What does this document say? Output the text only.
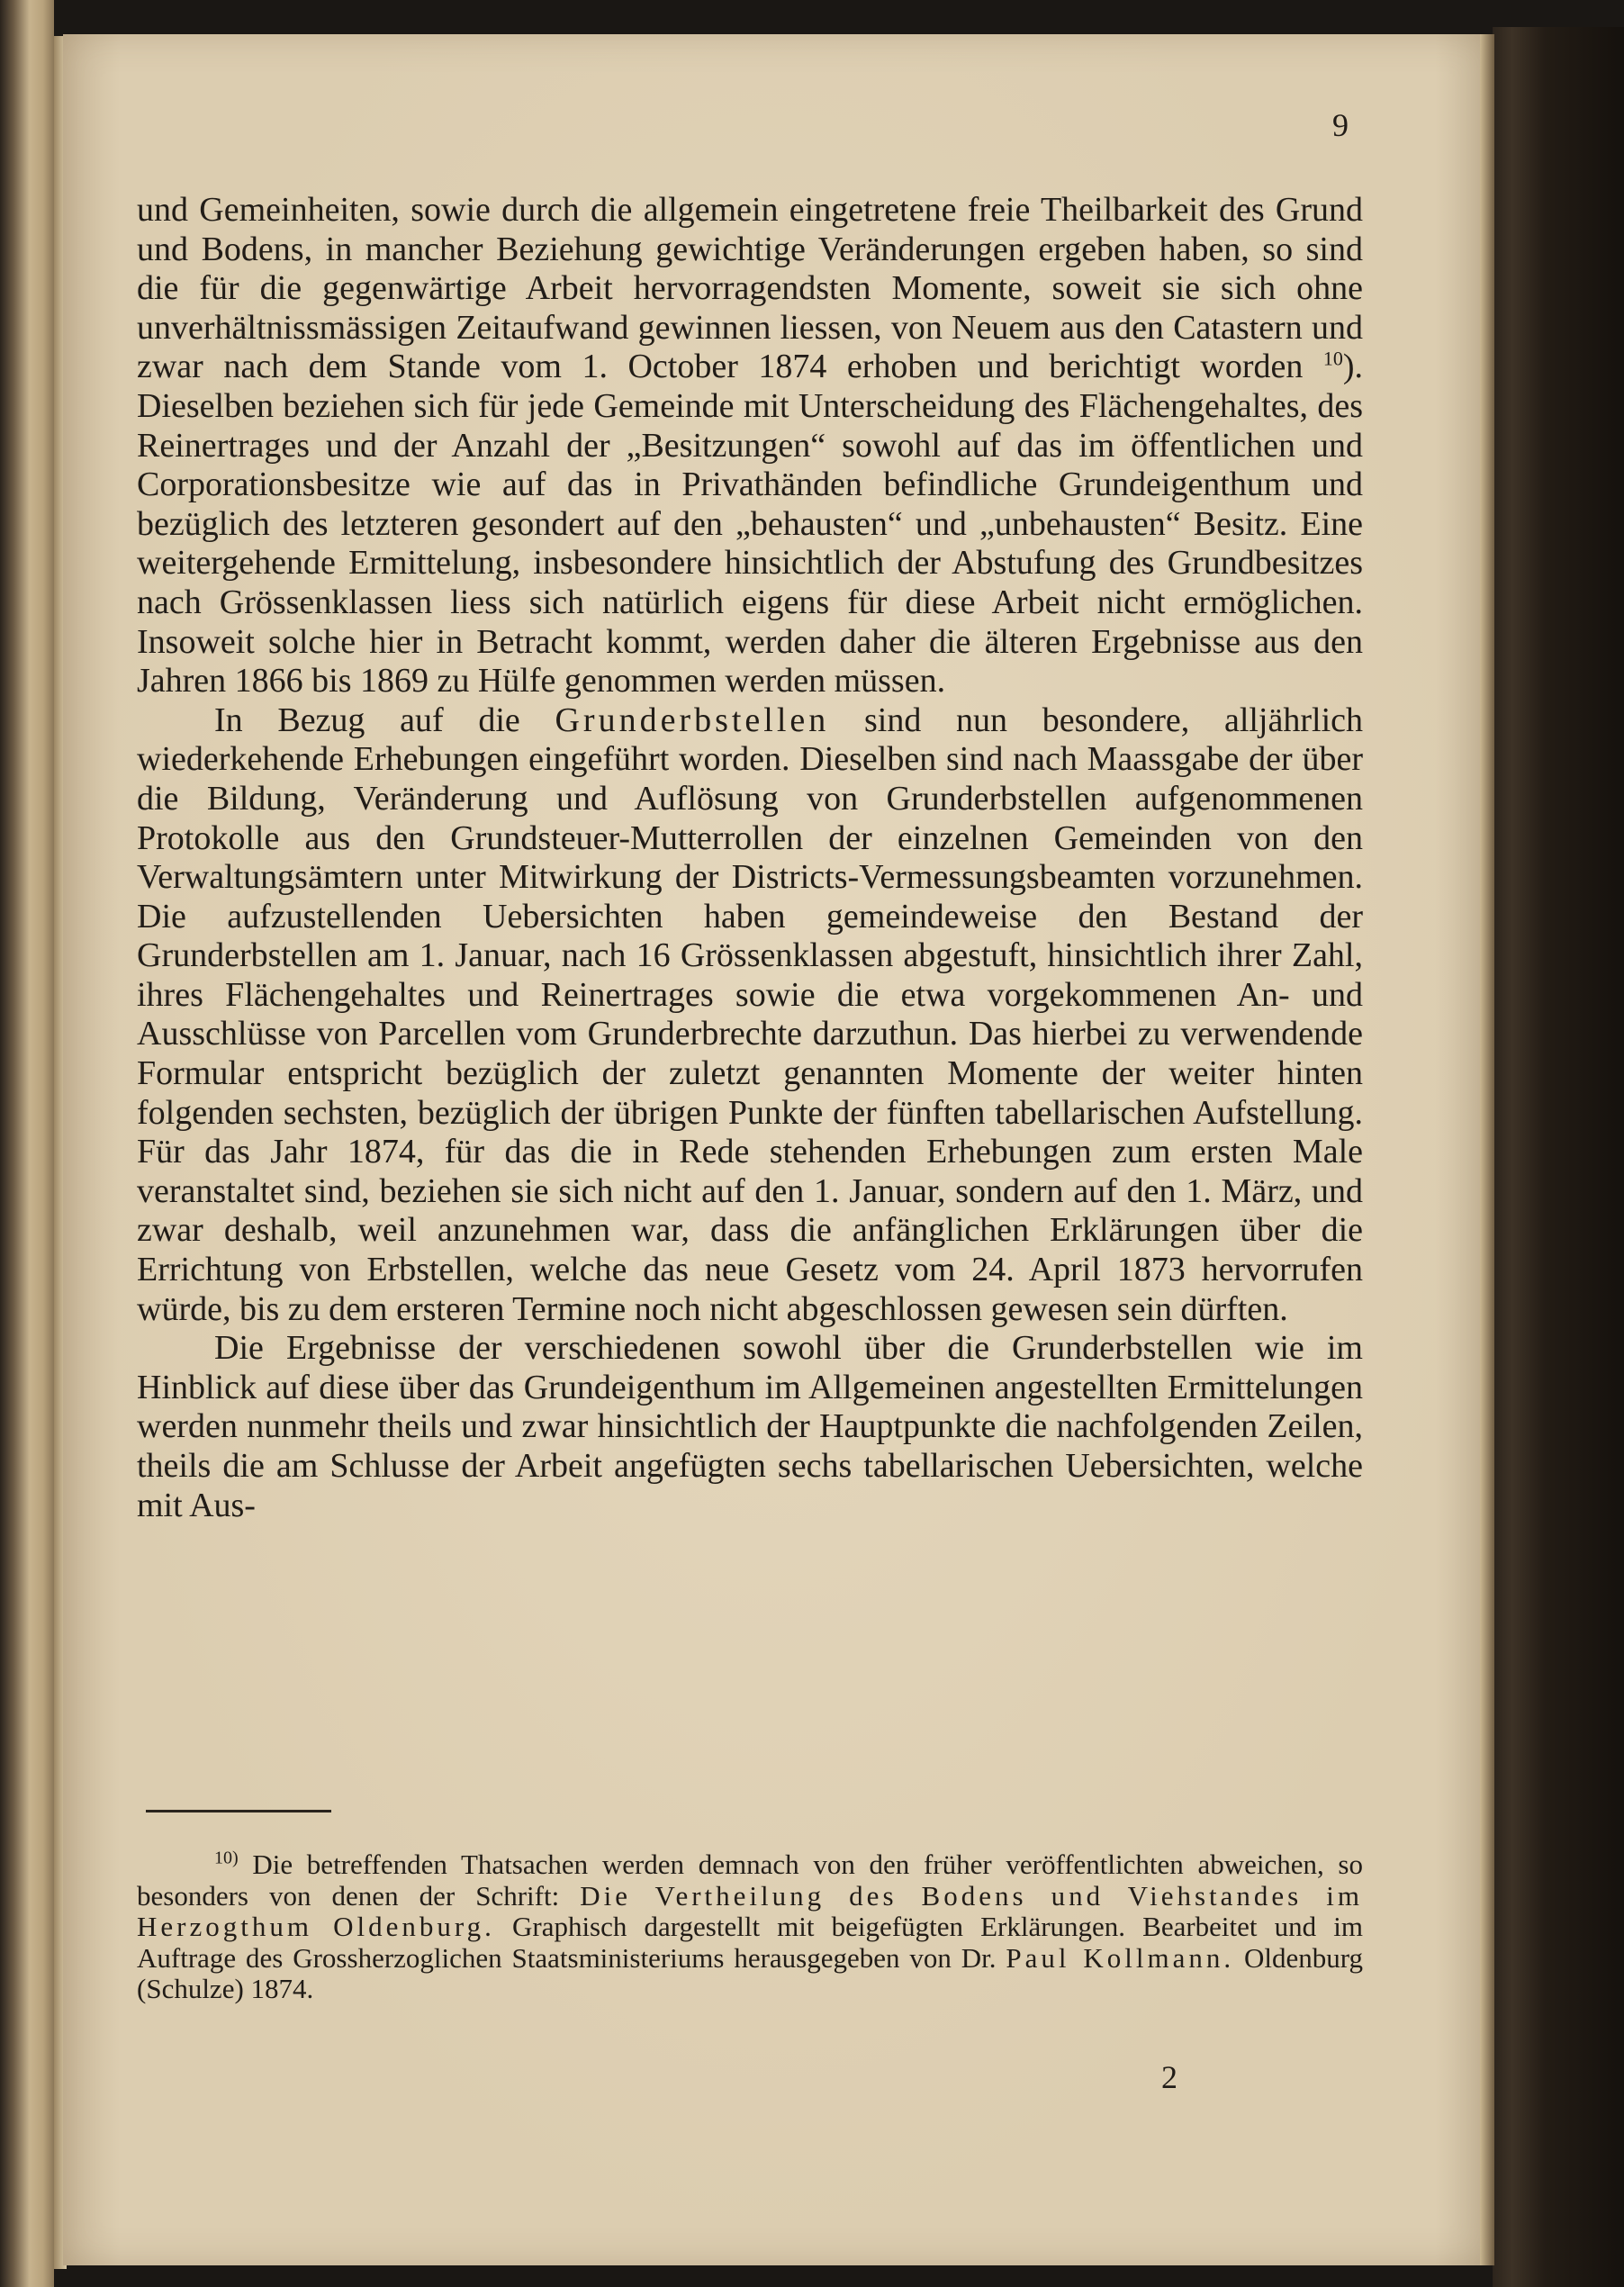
9

und Gemeinheiten, sowie durch die allgemein eingetretene freie Theilbarkeit des Grund und Bodens, in mancher Beziehung gewichtige Veränderungen ergeben haben, so sind die für die gegenwärtige Arbeit hervorragendsten Momente, soweit sie sich ohne unverhältnissmässigen Zeitaufwand gewinnen liessen, von Neuem aus den Catastern und zwar nach dem Stande vom 1. October 1874 erhoben und berichtigt worden $^{10}$). Dieselben beziehen sich für jede Gemeinde mit Unterscheidung des Flächengehaltes, des Reinertrages und der Anzahl der „Besitzungen“ sowohl auf das im öffentlichen und Corporationsbesitze wie auf das in Privathänden befindliche Grundeigenthum und bezüglich des letzteren gesondert auf den „behausten“ und „unbehausten“ Besitz. Eine weitergehende Ermittelung, insbesondere hinsichtlich der Abstufung des Grundbesitzes nach Grössenklassen liess sich natürlich eigens für diese Arbeit nicht ermöglichen. Insoweit solche hier in Betracht kommt, werden daher die älteren Ergebnisse aus den Jahren 1866 bis 1869 zu Hülfe genommen werden müssen.

In Bezug auf die Grunderbstellen sind nun besondere, alljährlich wiederkehende Erhebungen eingeführt worden. Dieselben sind nach Maassgabe der über die Bildung, Veränderung und Auflösung von Grunderbstellen aufgenommenen Protokolle aus den Grundsteuer-Mutterrollen der einzelnen Gemeinden von den Verwaltungsämtern unter Mitwirkung der Districts-Vermessungsbeamten vorzunehmen. Die aufzustellenden Uebersichten haben gemeindeweise den Bestand der Grunderbstellen am 1. Januar, nach 16 Grössenklassen abgestuft, hinsichtlich ihrer Zahl, ihres Flächengehaltes und Reinertrages sowie die etwa vorgekommenen An- und Ausschlüsse von Parcellen vom Grunderbrechte darzuthun. Das hierbei zu verwendende Formular entspricht bezüglich der zuletzt genannten Momente der weiter hinten folgenden sechsten, bezüglich der übrigen Punkte der fünften tabellarischen Aufstellung. Für das Jahr 1874, für das die in Rede stehenden Erhebungen zum ersten Male veranstaltet sind, beziehen sie sich nicht auf den 1. Januar, sondern auf den 1. März, und zwar deshalb, weil anzunehmen war, dass die anfänglichen Erklärungen über die Errichtung von Erbstellen, welche das neue Gesetz vom 24. April 1873 hervorrufen würde, bis zu dem ersteren Termine noch nicht abgeschlossen gewesen sein dürften.

Die Ergebnisse der verschiedenen sowohl über die Grunderbstellen wie im Hinblick auf diese über das Grundeigenthum im Allgemeinen angestellten Ermittelungen werden nunmehr theils und zwar hinsichtlich der Hauptpunkte die nachfolgenden Zeilen, theils die am Schlusse der Arbeit angefügten sechs tabellarischen Uebersichten, welche mit Aus-

$^{10)}$ Die betreffenden Thatsachen werden demnach von den früher veröffentlichten abweichen, so besonders von denen der Schrift: Die Vertheilung des Bodens und Viehstandes im Herzogthum Oldenburg. Graphisch dargestellt mit beigefügten Erklärungen. Bearbeitet und im Auftrage des Grossherzoglichen Staatsministeriums herausgegeben von Dr. Paul Kollmann. Oldenburg (Schulze) 1874.

2
